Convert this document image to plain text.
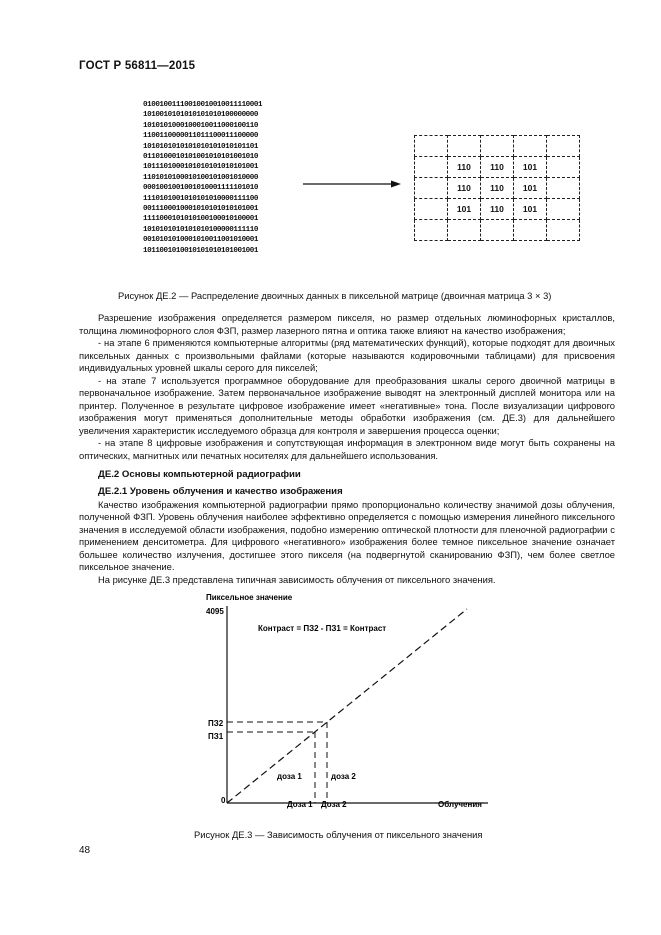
ГОСТ Р 56811—2015
01001001110010010010011110001
1010010101010101010100000000
1010101000100010011000100110
1100110000011011100011100000
1010101010101010101010101101
0110100010101001010101001010
1011101000101010101010101001
1101010100010100101001010000
0001001001001010001111101010
1110101001010101010000111100
0011100010001010101010101001
1111000101010100100010100001
1010101010101010100000111110
0010101010001010011001010001
1011001010010101010101001001

	110	110	101	
	110	110	101	
	101	110	101	

Рисунок ДЕ.2 — Распределение двоичных данных в пиксельной матрице (двоичная матрица 3 × 3)

Разрешение изображения определяется размером пикселя, но размер отдельных люминофорных кристаллов, толщина люминофорного слоя ФЗП, размер лазерного пятна и оптика также влияют на качество изображения;

- на этапе 6 применяются компьютерные алгоритмы (ряд математических функций), которые подходят для двоичных пиксельных данных с произвольными файлами (которые называются кодировочными таблицами) для присвоения индивидуальных уровней шкалы серого для пикселей;

- на этапе 7 используется программное оборудование для преобразования шкалы серого двоичной матрицы в первоначальное изображение. Затем первоначальное изображение выводят на электронный дисплей монитора или на принтер. Полученное в результате цифровое изображение имеет «негативные» тона. После визуализации цифрового изображения могут применяться дополнительные методы обработки изображения (см. ДЕ.3) для дальнейшего увеличения характеристик исследуемого образца для контроля и завершения процесса оценки;

- на этапе 8 цифровые изображения и сопутствующая информация в электронном виде могут быть сохранены на оптических, магнитных или печатных носителях для дальнейшего использования.

ДЕ.2 Основы компьютерной радиографии

ДЕ.2.1 Уровень облучения и качество изображения

Качество изображения компьютерной радиографии прямо пропорционально количеству значимой дозы облучения, полученной ФЗП. Уровень облучения наиболее эффективно определяется с помощью измерения линейного пиксельного значения в исследуемой области изображения, подобно измерению оптической плотности для пленочной радиографии с применением денситометра. Для цифрового «негативного» изображения более темное пиксельное значение означает большее количество излучения, достигшее этого пикселя (на подвергнутой сканированию ФЗП), чем более светлое пиксельное значение.

На рисунке ДЕ.3 представлена типичная зависимость облучения от пиксельного значения.

Пиксельное значение
4095
Контраст = ПЗ2 - ПЗ1 = Контраст
ПЗ2
ПЗ1
доза 1	доза 2
0	Доза 1 Доза 2	Облучения
Рисунок ДЕ.3 — Зависимость облучения от пиксельного значения
48
